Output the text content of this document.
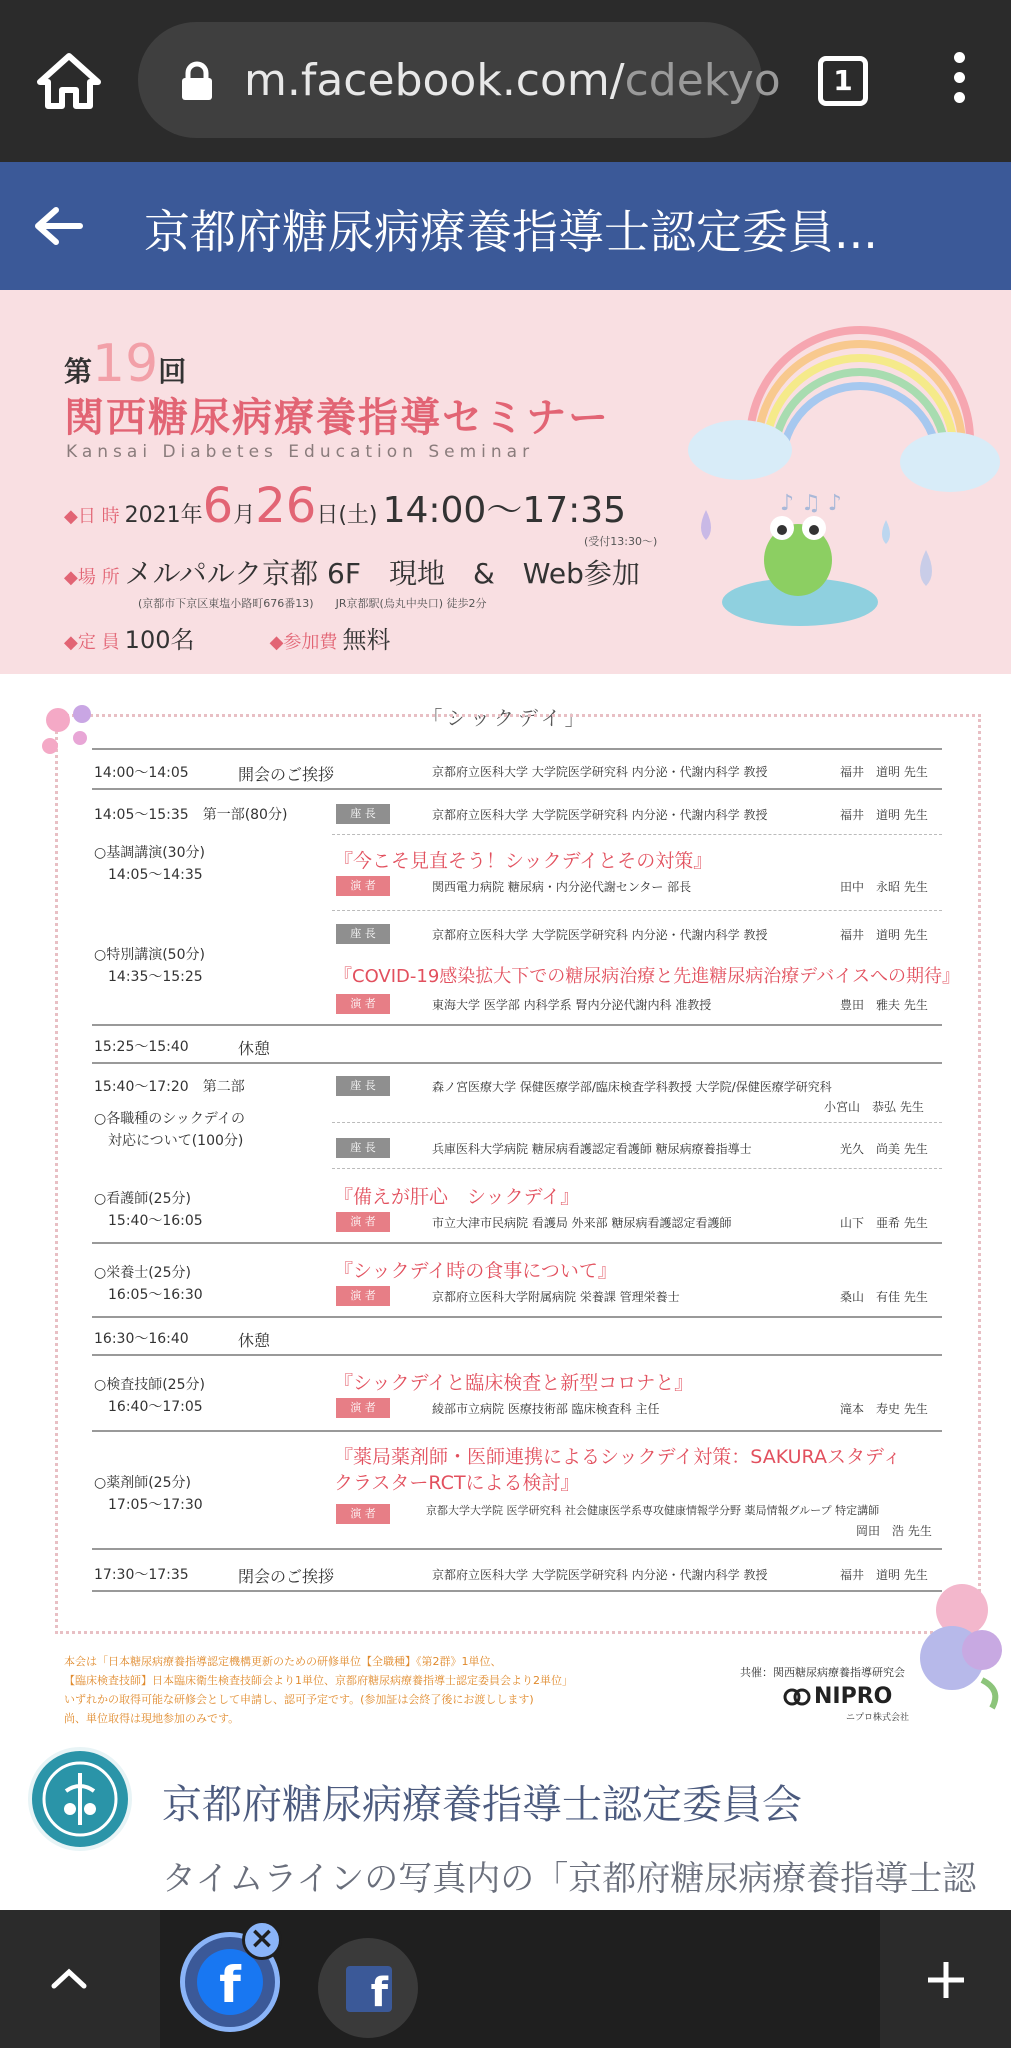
m.facebook.com/cdekyo	1
京都府糖尿病療養指導士認定委員...
第19回
関西糖尿病療養指導セミナー
Kansai Diabetes Education Seminar
◆日 時 2021年6月26日(土) 14:00〜17:35
(受付13:30〜)
◆場 所 メルパルク京都 6F　現地　&　Web参加
(京都市下京区東塩小路町676番13)　　JR京都駅(烏丸中央口) 徒歩2分
◆定 員 100名	◆参加費 無料
♪ ♫ ♪
「シックデイ」
14:00〜14:05	開会のご挨拶	京都府立医科大学 大学院医学研究科 内分泌・代謝内科学 教授	福井　道明 先生
14:05〜15:35　第一部(80分)	座 長	京都府立医科大学 大学院医学研究科 内分泌・代謝内科学 教授	福井　道明 先生
○基調講演(30分)
14:05〜14:35
『今こそ見直そう！シックデイとその対策』
演 者	関西電力病院 糖尿病・内分泌代謝センター 部長	田中　永昭 先生
座 長	京都府立医科大学 大学院医学研究科 内分泌・代謝内科学 教授	福井　道明 先生
○特別講演(50分)
14:35〜15:25	『COVID-19感染拡大下での糖尿病治療と先進糖尿病治療デバイスへの期待』
演 者	東海大学 医学部 内科学系 腎内分泌代謝内科 准教授	豊田　雅夫 先生
15:25〜15:40	休憩
15:40〜17:20　第二部	座 長	森ノ宮医療大学 保健医療学部/臨床検査学科教授 大学院/保健医療学研究科
小宮山　恭弘 先生
○各職種のシックデイの
対応について(100分)	座 長	兵庫医科大学病院 糖尿病看護認定看護師 糖尿病療養指導士	光久　尚美 先生
○看護師(25分)
15:40〜16:05
『備えが肝心　シックデイ』
演 者	市立大津市民病院 看護局 外来部 糖尿病看護認定看護師	山下　亜希 先生
○栄養士(25分)
16:05〜16:30
『シックデイ時の食事について』
演 者	京都府立医科大学附属病院 栄養課 管理栄養士	桑山　有佳 先生
16:30〜16:40	休憩
○検査技師(25分)
16:40〜17:05
『シックデイと臨床検査と新型コロナと』
演 者	綾部市立病院 医療技術部 臨床検査科 主任	滝本　寿史 先生
○薬剤師(25分)
17:05〜17:30
『薬局薬剤師・医師連携によるシックデイ対策：SAKURAスタディ
クラスターRCTによる検討』
演 者	京都大学大学院 医学研究科 社会健康医学系専攻健康情報学分野 薬局情報グループ 特定講師
岡田　浩 先生
17:30〜17:35	閉会のご挨拶	京都府立医科大学 大学院医学研究科 内分泌・代謝内科学 教授	福井　道明 先生

本会は「日本糖尿病療養指導認定機構更新のための研修単位【全職種】《第2群》1単位、

【臨床検査技師】日本臨床衛生検査技師会より1単位、京都府糖尿病療養指導士認定委員会より2単位」

いずれかの取得可能な研修会として申請し、認可予定です。(参加証は会終了後にお渡しします)

尚、単位取得は現地参加のみです。

共催：関西糖尿病療養指導研究会
NIPRO
ニプロ株式会社
京都府糖尿病療養指導士認定委員会
タイムラインの写真内の「京都府糖尿病療養指導士認
f
×
f
